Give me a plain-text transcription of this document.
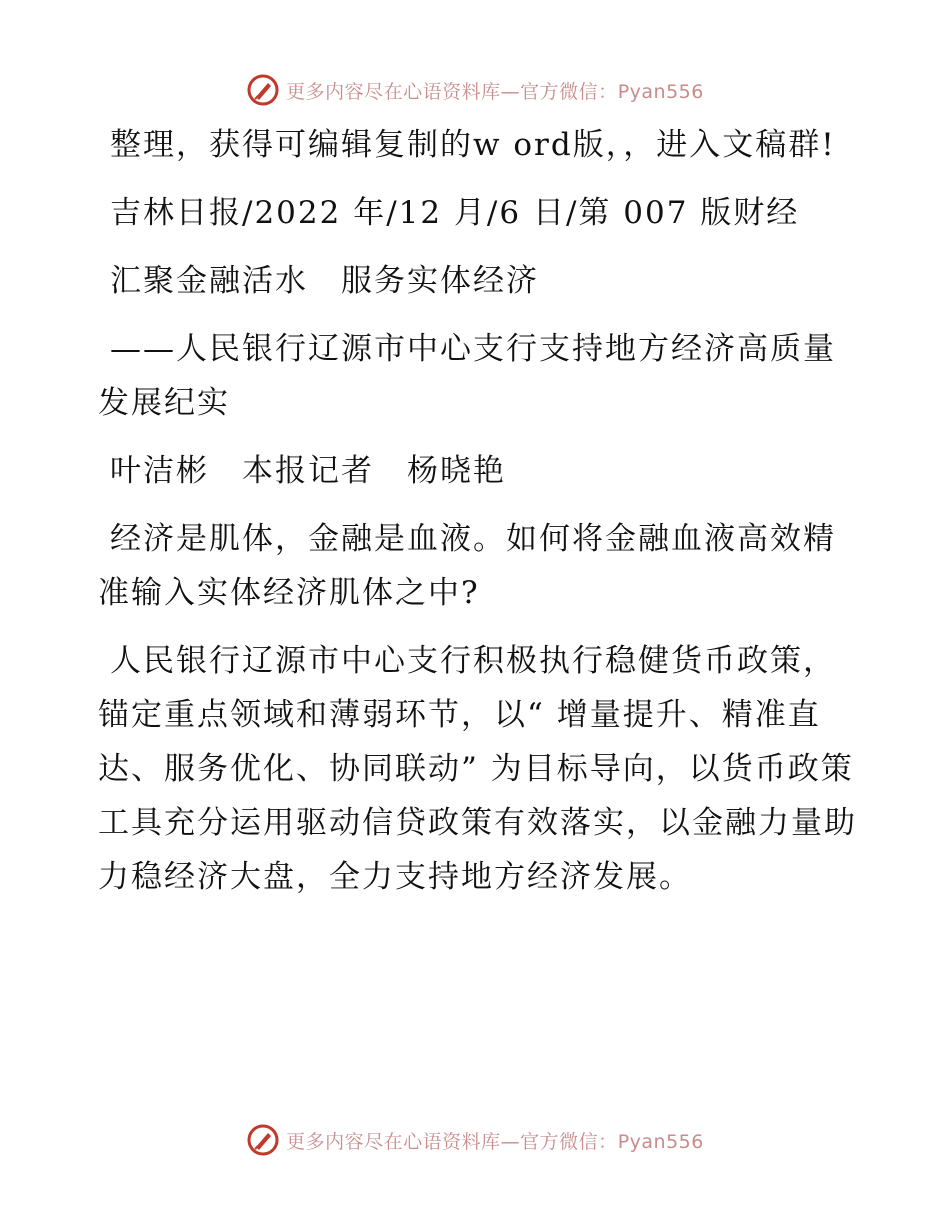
更多内容尽在心语资料库—官方微信：Pyan556

整理，获得可编辑复制的w ord版，，进入文稿群!

吉林日报/2022 年/12 月/6 日/第 007 版财经

汇聚金融活水　服务实体经济

——人民银行辽源市中心支行支持地方经济高质量发展纪实

叶洁彬　本报记者　杨晓艳

经济是肌体，金融是血液。如何将金融血液高效精准输入实体经济肌体之中?

人民银行辽源市中心支行积极执行稳健货币政策，锚定重点领域和薄弱环节，以“ 增量提升、精准直达、服务优化、协同联动” 为目标导向，以货币政策工具充分运用驱动信贷政策有效落实，以金融力量助力稳经济大盘，全力支持地方经济发展。

更多内容尽在心语资料库—官方微信：Pyan556
